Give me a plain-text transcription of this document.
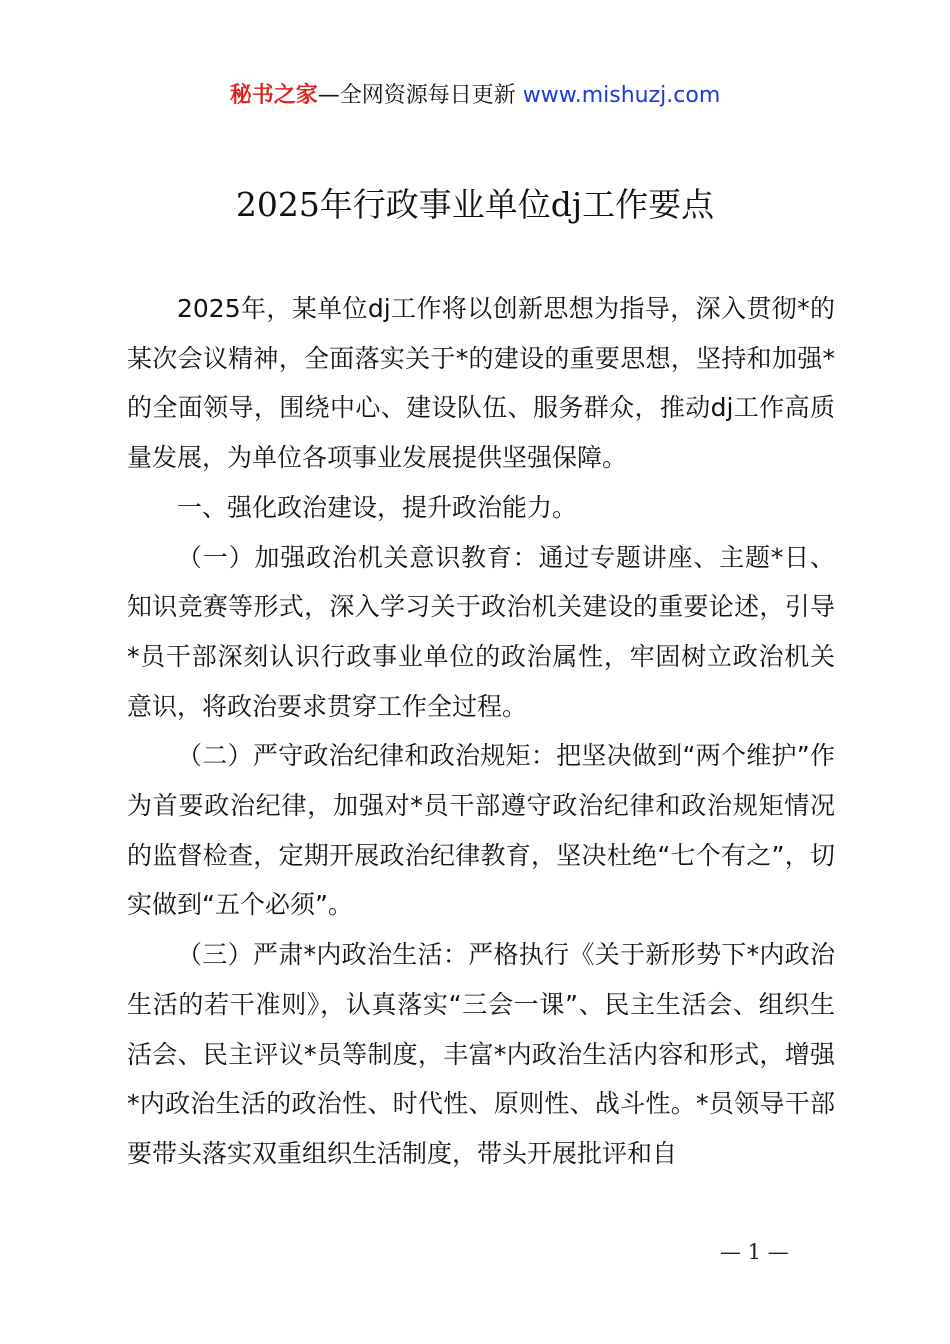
秘书之家—全网资源每日更新 www.mishuzj.com
2025年行政事业单位dj工作要点

2025年，某单位dj工作将以创新思想为指导，深入贯彻*的某次会议精神，全面落实关于*的建设的重要思想，坚持和加强*的全面领导，围绕中心、建设队伍、服务群众，推动dj工作高质量发展，为单位各项事业发展提供坚强保障。

一、强化政治建设，提升政治能力。

（一）加强政治机关意识教育：通过专题讲座、主题*日、知识竞赛等形式，深入学习关于政治机关建设的重要论述，引导*员干部深刻认识行政事业单位的政治属性，牢固树立政治机关意识，将政治要求贯穿工作全过程。

（二）严守政治纪律和政治规矩：把坚决做到“两个维护”作为首要政治纪律，加强对*员干部遵守政治纪律和政治规矩情况的监督检查，定期开展政治纪律教育，坚决杜绝“七个有之”，切实做到“五个必须”。

（三）严肃*内政治生活：严格执行《关于新形势下*内政治生活的若干准则》，认真落实“三会一课”、民主生活会、组织生活会、民主评议*员等制度，丰富*内政治生活内容和形式，增强*内政治生活的政治性、时代性、原则性、战斗性。*员领导干部要带头落实双重组织生活制度，带头开展批评和自

— 1 —
